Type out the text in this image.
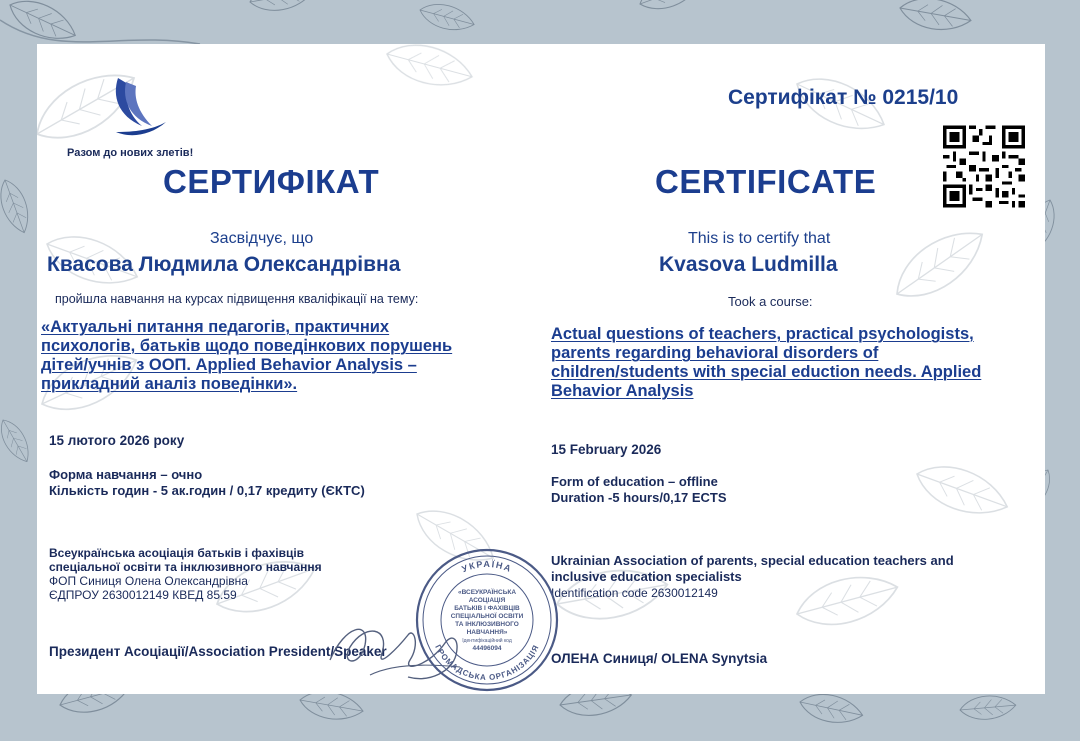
Разом до нових злетів!

Сертифікат № 0215/10

СЕРТИФІКАТ

Засвідчує, що

Квасова Людмила Олександрівна

пройшла навчання на курсах підвищення кваліфікації на тему:

«Актуальні питання педагогів, практичних
психологів, батьків щодо поведінкових порушень
дітей/учнів з ООП. Applied Behavior Analysis –
прикладний аналіз поведінки».

15 лютого 2026 року

Форма навчання – очно

Кількість годин - 5 ак.годин / 0,17 кредиту (ЄКТС)

Всеукраїнська асоціація батьків і фахівців
спеціальної освіти та інклюзивного навчання
ФОП Синиця Олена Олександрівна
ЄДПРОУ 2630012149 КВЕД 85.59

Президент Асоціації/Association President/Speaker

CERTIFICATE

This is to certify that

Kvasova Ludmilla

Took a course:

Actual questions of teachers, practical psychologists,
parents regarding behavioral disorders of
children/students with special eduction needs. Applied
Behavior Analysis

15 February 2026

Form of education – offline

Duration -5 hours/0,17 ECTS

Ukrainian Association of parents, special education teachers and
inclusive education specialists
Identification code 2630012149

ОЛЕНА Синиця/ OLENA Synytsia

УКРАЇНА
ГРОМАДСЬКА ОРГАНІЗАЦІЯ
«ВСЕУКРАЇНСЬКА
АСОЦІАЦІЯ
БАТЬКІВ І ФАХІВЦІВ
СПЕЦІАЛЬНОЇ ОСВІТИ
ТА ІНКЛЮЗИВНОГО
НАВЧАННЯ»
Ідентифікаційний код
44496094
